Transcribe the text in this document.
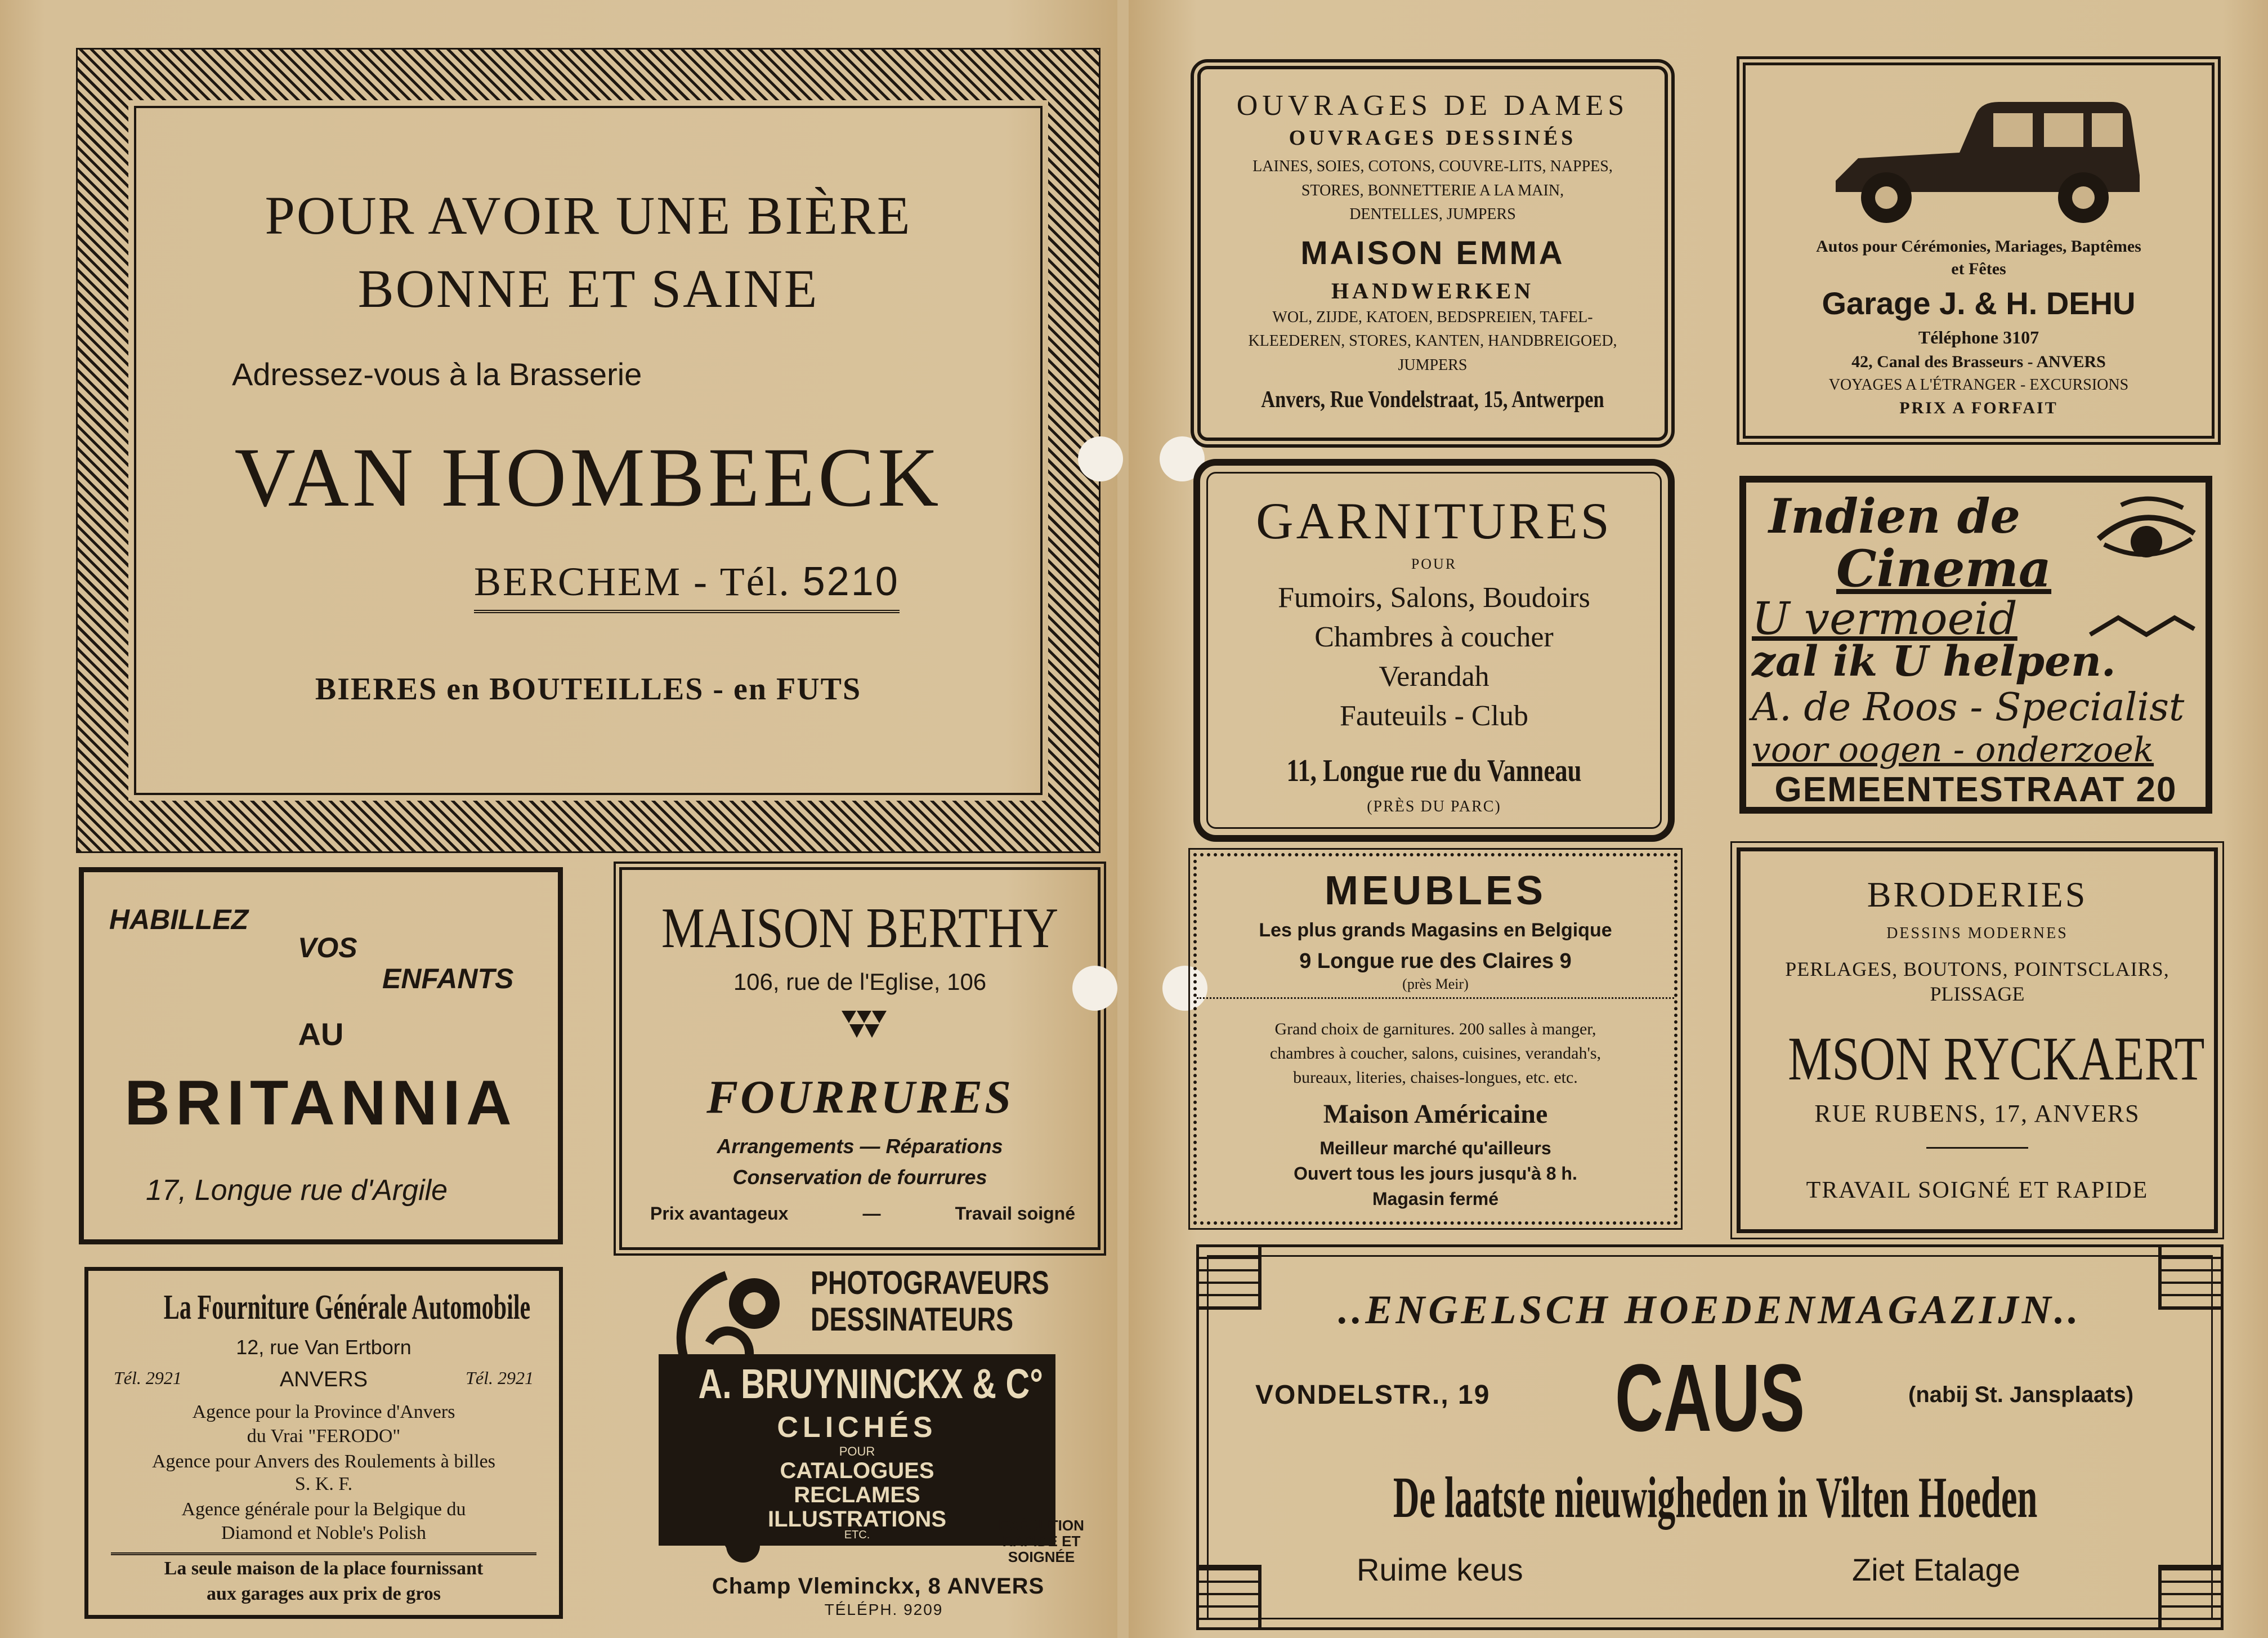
POUR AVOIR UNE BIÈRE
BONNE ET SAINE
Adressez-vous à la Brasserie
VAN HOMBEECK
BERCHEM - Tél. 5210
BIERES en BOUTEILLES - en FUTS
HABILLEZ
VOS
ENFANTS
AU
BRITANNIA
17, Longue rue d'Argile
MAISON BERTHY
106, rue de l'Eglise, 106
FOURRURES
Arrangements — Réparations
Conservation de fourrures
Prix avantageux	—	Travail soigné
La Fourniture Générale Automobile
12, rue Van Ertborn
Tél. 2921	ANVERS	Tél. 2921
Agence pour la Province d'Anvers
du Vrai "FERODO"
Agence pour Anvers des Roulements à billes
S. K. F.
Agence générale pour la Belgique du
Diamond et Noble's Polish
La seule maison de la place fournissant
aux garages aux prix de gros
PHOTOGRAVEURS
DESSINATEURS
A. BRUYNINCKX & C°
CLICHÉS
POUR
CATALOGUES
RECLAMES
ILLUSTRATIONS
ETC.
EXÉCUTION
RAPIDE ET
SOIGNÉE
Champ Vleminckx, 8 ANVERS
TÉLÉPH. 9209
OUVRAGES DE DAMES
OUVRAGES DESSINÉS
LAINES, SOIES, COTONS, COUVRE-LITS, NAPPES,
STORES, BONNETTERIE A LA MAIN,
DENTELLES, JUMPERS
MAISON EMMA
HANDWERKEN
WOL, ZIJDE, KATOEN, BEDSPREIEN, TAFEL-
KLEEDEREN, STORES, KANTEN, HANDBREIGOED,
JUMPERS
Anvers, Rue Vondelstraat, 15, Antwerpen
Autos pour Cérémonies, Mariages, Baptêmes
et Fêtes
Garage J. & H. DEHU
Téléphone 3107
42, Canal des Brasseurs - ANVERS
VOYAGES A L'ÉTRANGER - EXCURSIONS
PRIX A FORFAIT
GARNITURES
POUR
Fumoirs, Salons, Boudoirs
Chambres à coucher
Verandah
Fauteuils - Club
11, Longue rue du Vanneau
(PRÈS DU PARC)
Indien de
Cinema
U vermoeid
zal ik U helpen.
A. de Roos - Specialist
voor oogen - onderzoek
GEMEENTESTRAAT 20
MEUBLES
Les plus grands Magasins en Belgique
9 Longue rue des Claires 9
(près Meir)
Grand choix de garnitures. 200 salles à manger,
chambres à coucher, salons, cuisines, verandah's,
bureaux, literies, chaises-longues, etc. etc.
Maison Américaine
Meilleur marché qu'ailleurs
Ouvert tous les jours jusqu'à 8 h.
Magasin fermé
BRODERIES
DESSINS MODERNES
PERLAGES, BOUTONS, POINTSCLAIRS,
PLISSAGE
MSON RYCKAERT
RUE RUBENS, 17, ANVERS
TRAVAIL SOIGNÉ ET RAPIDE
..ENGELSCH HOEDENMAGAZIJN..
VONDELSTR., 19	CAUS	(nabij St. Jansplaats)
De laatste nieuwigheden in Vilten Hoeden
Ruime keus	Ziet Etalage
